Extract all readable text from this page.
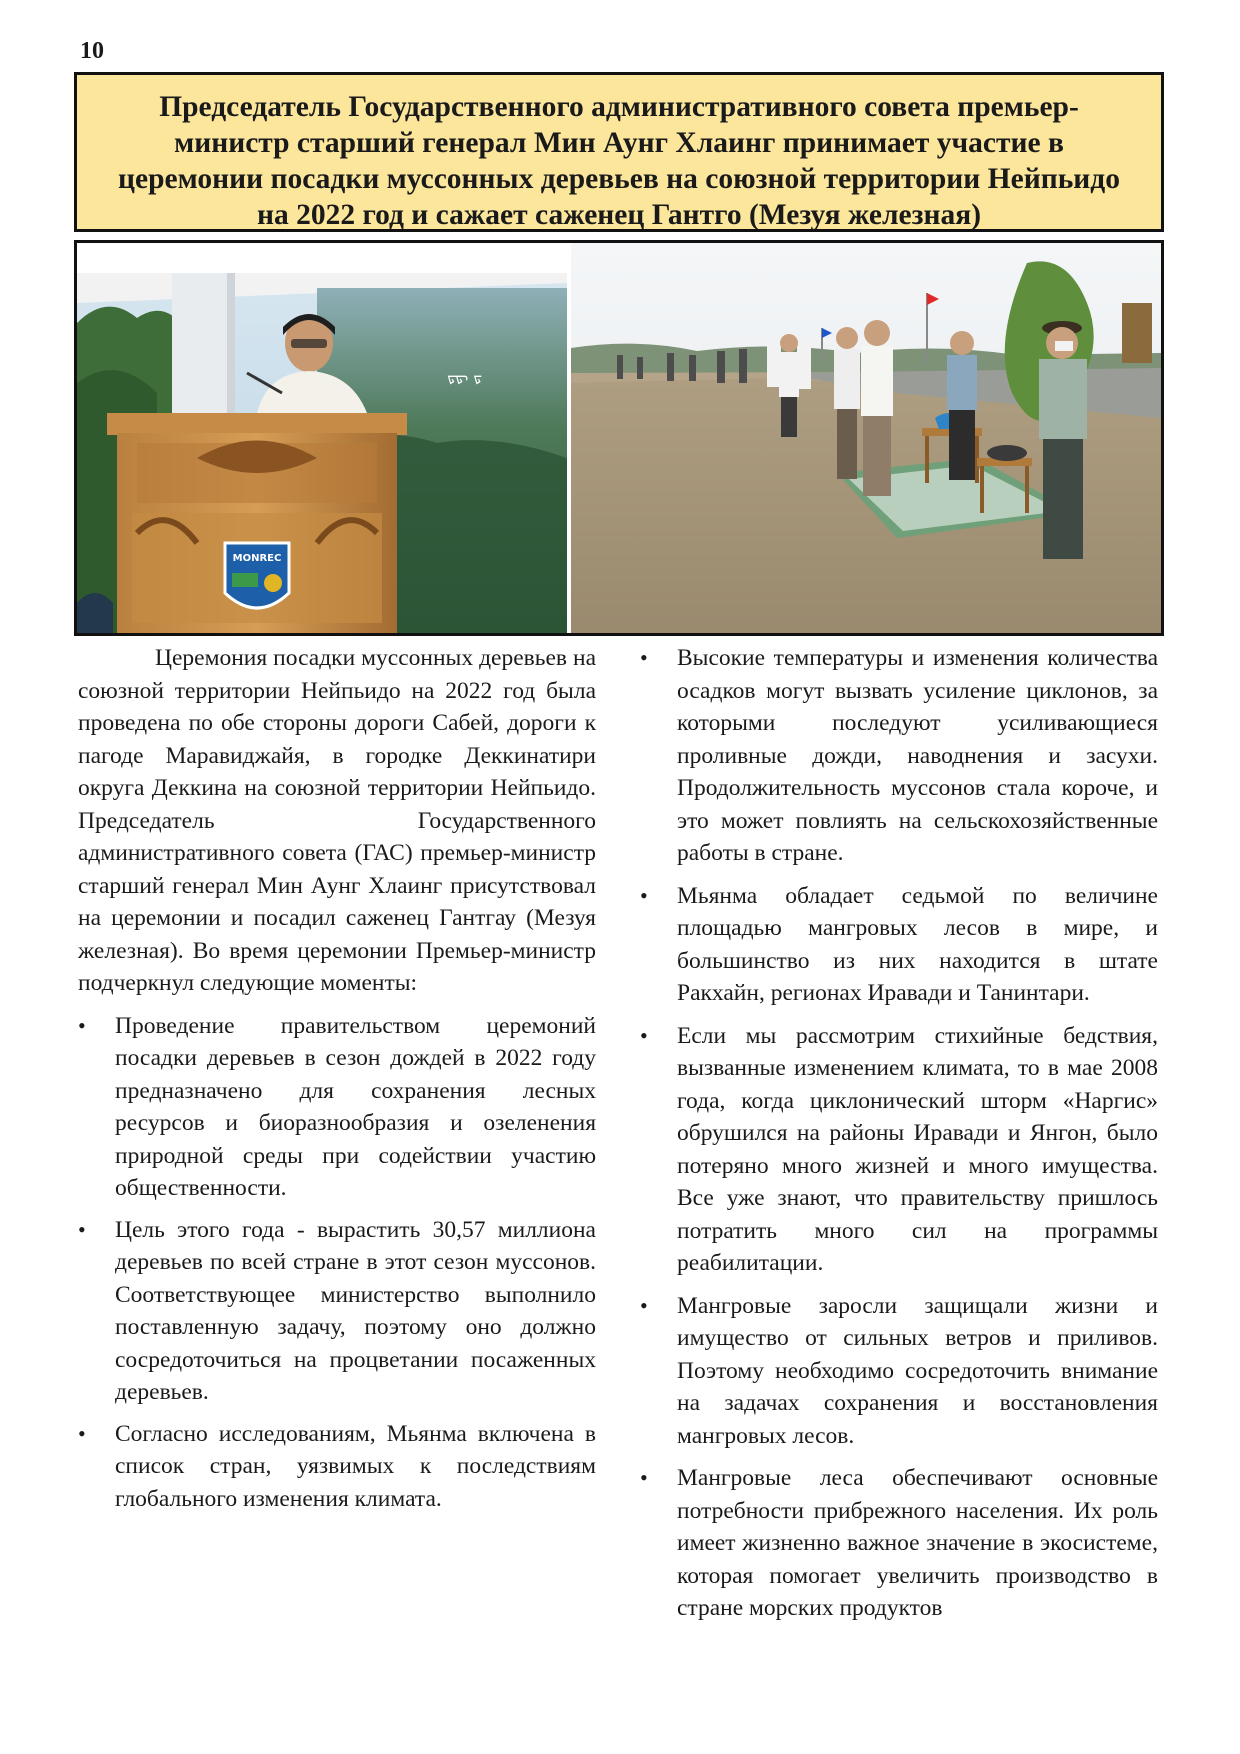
10
Председатель Государственного административного совета премьер-министр старший генерал Мин Аунг Хлаинг принимает участие в церемонии посадки муссонных деревьев на союзной территории Нейпьидо на 2022 год и сажает саженец Гантго (Мезуя железная)
ᢑᢑ ᢑ
MONREC

Церемония посадки муссонных деревьев на союзной территории Нейпьидо на 2022 год была проведена по обе стороны дороги Сабей, дороги к пагоде Маравиджайя, в городке Деккинатири округа Деккина на союзной территории Нейпьидо. Председатель Государственного административного совета (ГАС) премьер-министр старший генерал Мин Аунг Хлаинг присутствовал на церемонии и посадил саженец Гантгау (Мезуя железная). Во время церемонии Премьер-министр подчеркнул следующие моменты:

• Проведение правительством церемоний посадки деревьев в сезон дождей в 2022 году предназначено для сохранения лесных ресурсов и биоразнообразия и озеленения природной среды при содействии участию общественности.
• Цель этого года - вырастить 30,57 миллиона деревьев по всей стране в этот сезон муссонов. Соответствующее министерство выполнило поставленную задачу, поэтому оно должно сосредоточиться на процветании посаженных деревьев.
• Согласно исследованиям, Мьянма включена в список стран, уязвимых к последствиям глобального изменения климата.
• Высокие температуры и изменения количества осадков могут вызвать усиление циклонов, за которыми последуют усиливающиеся проливные дожди, наводнения и засухи. Продолжительность муссонов стала короче, и это может повлиять на сельскохозяйственные работы в стране.
• Мьянма обладает седьмой по величине площадью мангровых лесов в мире, и большинство из них находится в штате Ракхайн, регионах Иравади и Танинтари.
• Если мы рассмотрим стихийные бедствия, вызванные изменением климата, то в мае 2008 года, когда циклонический шторм «Наргис» обрушился на районы Иравади и Янгон, было потеряно много жизней и много имущества. Все уже знают, что правительству пришлось потратить много сил на программы реабилитации.
• Мангровые заросли защищали жизни и имущество от сильных ветров и приливов. Поэтому необходимо сосредоточить внимание на задачах сохранения и восстановления мангровых лесов.
• Мангровые леса обеспечивают основные потребности прибрежного населения. Их роль имеет жизненно важное значение в экосистеме, которая помогает увеличить производство в стране морских продуктов
